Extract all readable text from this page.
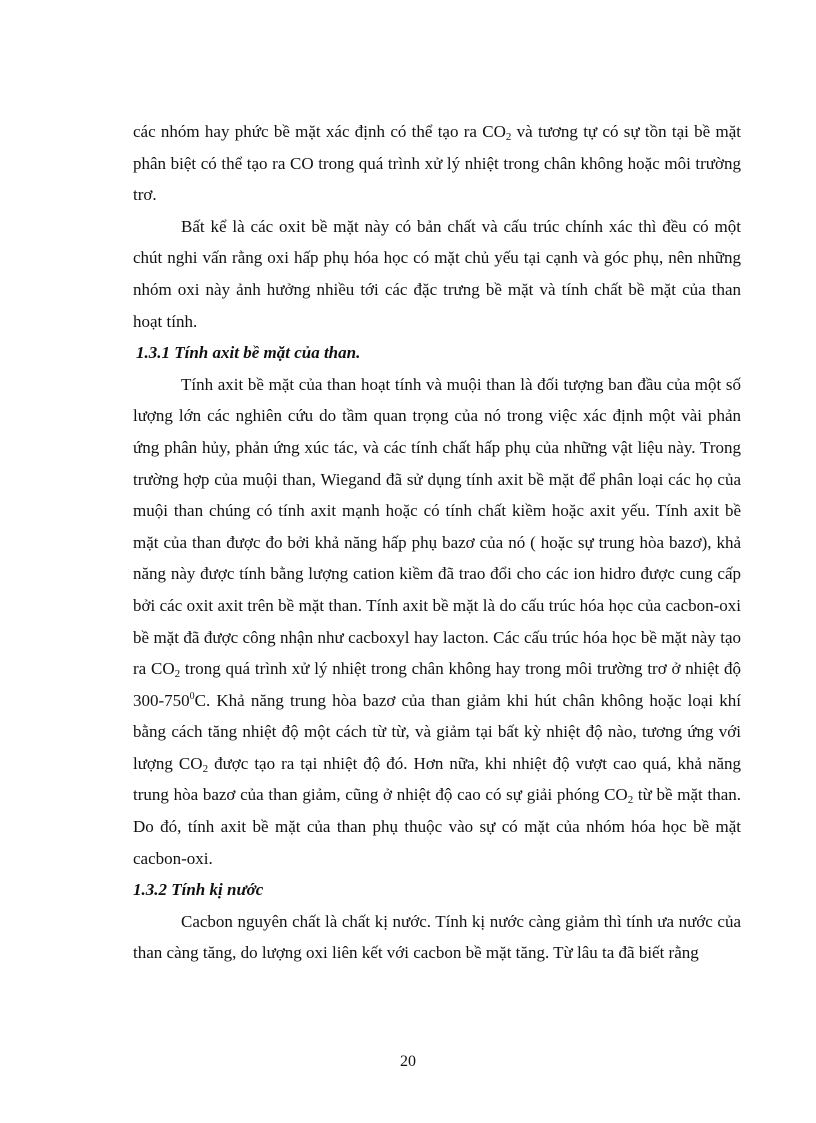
các nhóm hay phức bề mặt xác định có thể tạo ra $CO_2$ và tương tự có sự tồn tại bề mặt phân biệt có thể tạo ra CO trong quá trình xử lý nhiệt trong chân không hoặc môi trường trơ.

Bất kể là các oxit bề mặt này có bản chất và cấu trúc chính xác thì đều có một chút nghi vấn rằng oxi hấp phụ hóa học có mặt chủ yếu tại cạnh và góc phụ, nên những nhóm oxi này ảnh hưởng nhiều tới các đặc trưng bề mặt và tính chất bề mặt của than hoạt tính.

1.3.1 Tính axit bề mặt của than.

Tính axit bề mặt của than hoạt tính và muội than là đối tượng ban đầu của một số lượng lớn các nghiên cứu do tầm quan trọng của nó trong việc xác định một vài phản ứng phân hủy, phản ứng xúc tác, và các tính chất hấp phụ của những vật liệu này. Trong trường hợp của muội than, Wiegand đã sử dụng tính axit bề mặt để phân loại các họ của muội than chúng có tính axit mạnh hoặc có tính chất kiềm hoặc axit yếu. Tính axit bề mặt của than được đo bởi khả năng hấp phụ bazơ của nó ( hoặc sự trung hòa bazơ), khả năng này được tính bằng lượng cation kiềm đã trao đổi cho các ion hidro được cung cấp bởi các oxit axit trên bề mặt than. Tính axit bề mặt là do cấu trúc hóa học của cacbon-oxi bề mặt đã được công nhận như cacboxyl hay lacton. Các cấu trúc hóa học bề mặt này tạo ra $CO_2$ trong quá trình xử lý nhiệt trong chân không hay trong môi trường trơ ở nhiệt độ $300-750^0C$. Khả năng trung hòa bazơ của than giảm khi hút chân không hoặc loại khí bằng cách tăng nhiệt độ một cách từ từ, và giảm tại bất kỳ nhiệt độ nào, tương ứng với lượng $CO_2$ được tạo ra tại nhiệt độ đó. Hơn nữa, khi nhiệt độ vượt cao quá, khả năng trung hòa bazơ của than giảm, cũng ở nhiệt độ cao có sự giải phóng $CO_2$ từ bề mặt than. Do đó, tính axit bề mặt của than phụ thuộc vào sự có mặt của nhóm hóa học bề mặt cacbon-oxi.

1.3.2 Tính kị nước

Cacbon nguyên chất là chất kị nước. Tính kị nước càng giảm thì tính ưa nước của than càng tăng, do lượng oxi liên kết với cacbon bề mặt tăng. Từ lâu ta đã biết rằng

20
